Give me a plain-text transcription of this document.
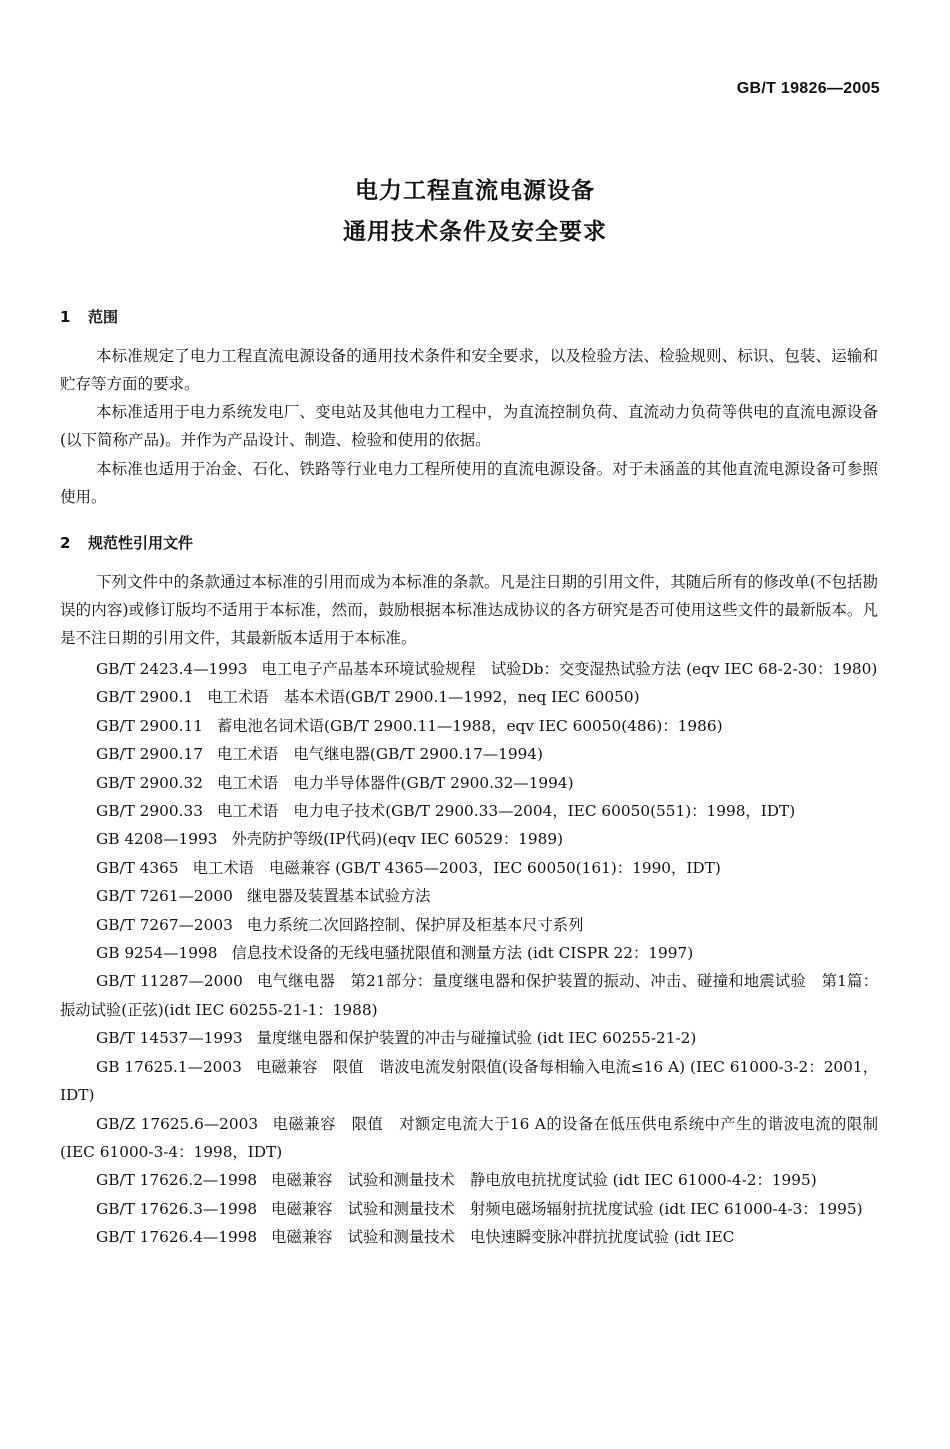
GB/T 19826—2005
电力工程直流电源设备
通用技术条件及安全要求
1 范围

本标准规定了电力工程直流电源设备的通用技术条件和安全要求，以及检验方法、检验规则、标识、包装、运输和贮存等方面的要求。

本标准适用于电力系统发电厂、变电站及其他电力工程中，为直流控制负荷、直流动力负荷等供电的直流电源设备(以下简称产品)。并作为产品设计、制造、检验和使用的依据。

本标准也适用于冶金、石化、铁路等行业电力工程所使用的直流电源设备。对于未涵盖的其他直流电源设备可参照使用。

2 规范性引用文件

下列文件中的条款通过本标准的引用而成为本标准的条款。凡是注日期的引用文件，其随后所有的修改单(不包括勘误的内容)或修订版均不适用于本标准，然而，鼓励根据本标准达成协议的各方研究是否可使用这些文件的最新版本。凡是不注日期的引用文件，其最新版本适用于本标准。

GB/T 2423.4—1993 电工电子产品基本环境试验规程　试验Db：交变湿热试验方法 (eqv IEC 68-2-30：1980)
GB/T 2900.1 电工术语　基本术语(GB/T 2900.1—1992，neq IEC 60050)
GB/T 2900.11 蓄电池名词术语(GB/T 2900.11—1988，eqv IEC 60050(486)：1986)
GB/T 2900.17 电工术语　电气继电器(GB/T 2900.17—1994)
GB/T 2900.32 电工术语　电力半导体器件(GB/T 2900.32—1994)
GB/T 2900.33 电工术语　电力电子技术(GB/T 2900.33—2004，IEC 60050(551)：1998，IDT)
GB 4208—1993 外壳防护等级(IP代码)(eqv IEC 60529：1989)
GB/T 4365 电工术语　电磁兼容 (GB/T 4365—2003，IEC 60050(161)：1990，IDT)
GB/T 7261—2000 继电器及装置基本试验方法
GB/T 7267—2003 电力系统二次回路控制、保护屏及柜基本尺寸系列
GB 9254—1998 信息技术设备的无线电骚扰限值和测量方法 (idt CISPR 22：1997)
GB/T 11287—2000 电气继电器　第21部分：量度继电器和保护装置的振动、冲击、碰撞和地震试验　第1篇：振动试验(正弦)(idt IEC 60255-21-1：1988)
GB/T 14537—1993 量度继电器和保护装置的冲击与碰撞试验 (idt IEC 60255-21-2)
GB 17625.1—2003 电磁兼容　限值　谐波电流发射限值(设备每相输入电流≤16 A) (IEC 61000-3-2：2001，IDT)
GB/Z 17625.6—2003 电磁兼容　限值　对额定电流大于16 A的设备在低压供电系统中产生的谐波电流的限制(IEC 61000-3-4：1998，IDT)
GB/T 17626.2—1998 电磁兼容　试验和测量技术　静电放电抗扰度试验 (idt IEC 61000-4-2：1995)
GB/T 17626.3—1998 电磁兼容　试验和测量技术　射频电磁场辐射抗扰度试验 (idt IEC 61000-4-3：1995)
GB/T 17626.4—1998 电磁兼容　试验和测量技术　电快速瞬变脉冲群抗扰度试验 (idt IEC
